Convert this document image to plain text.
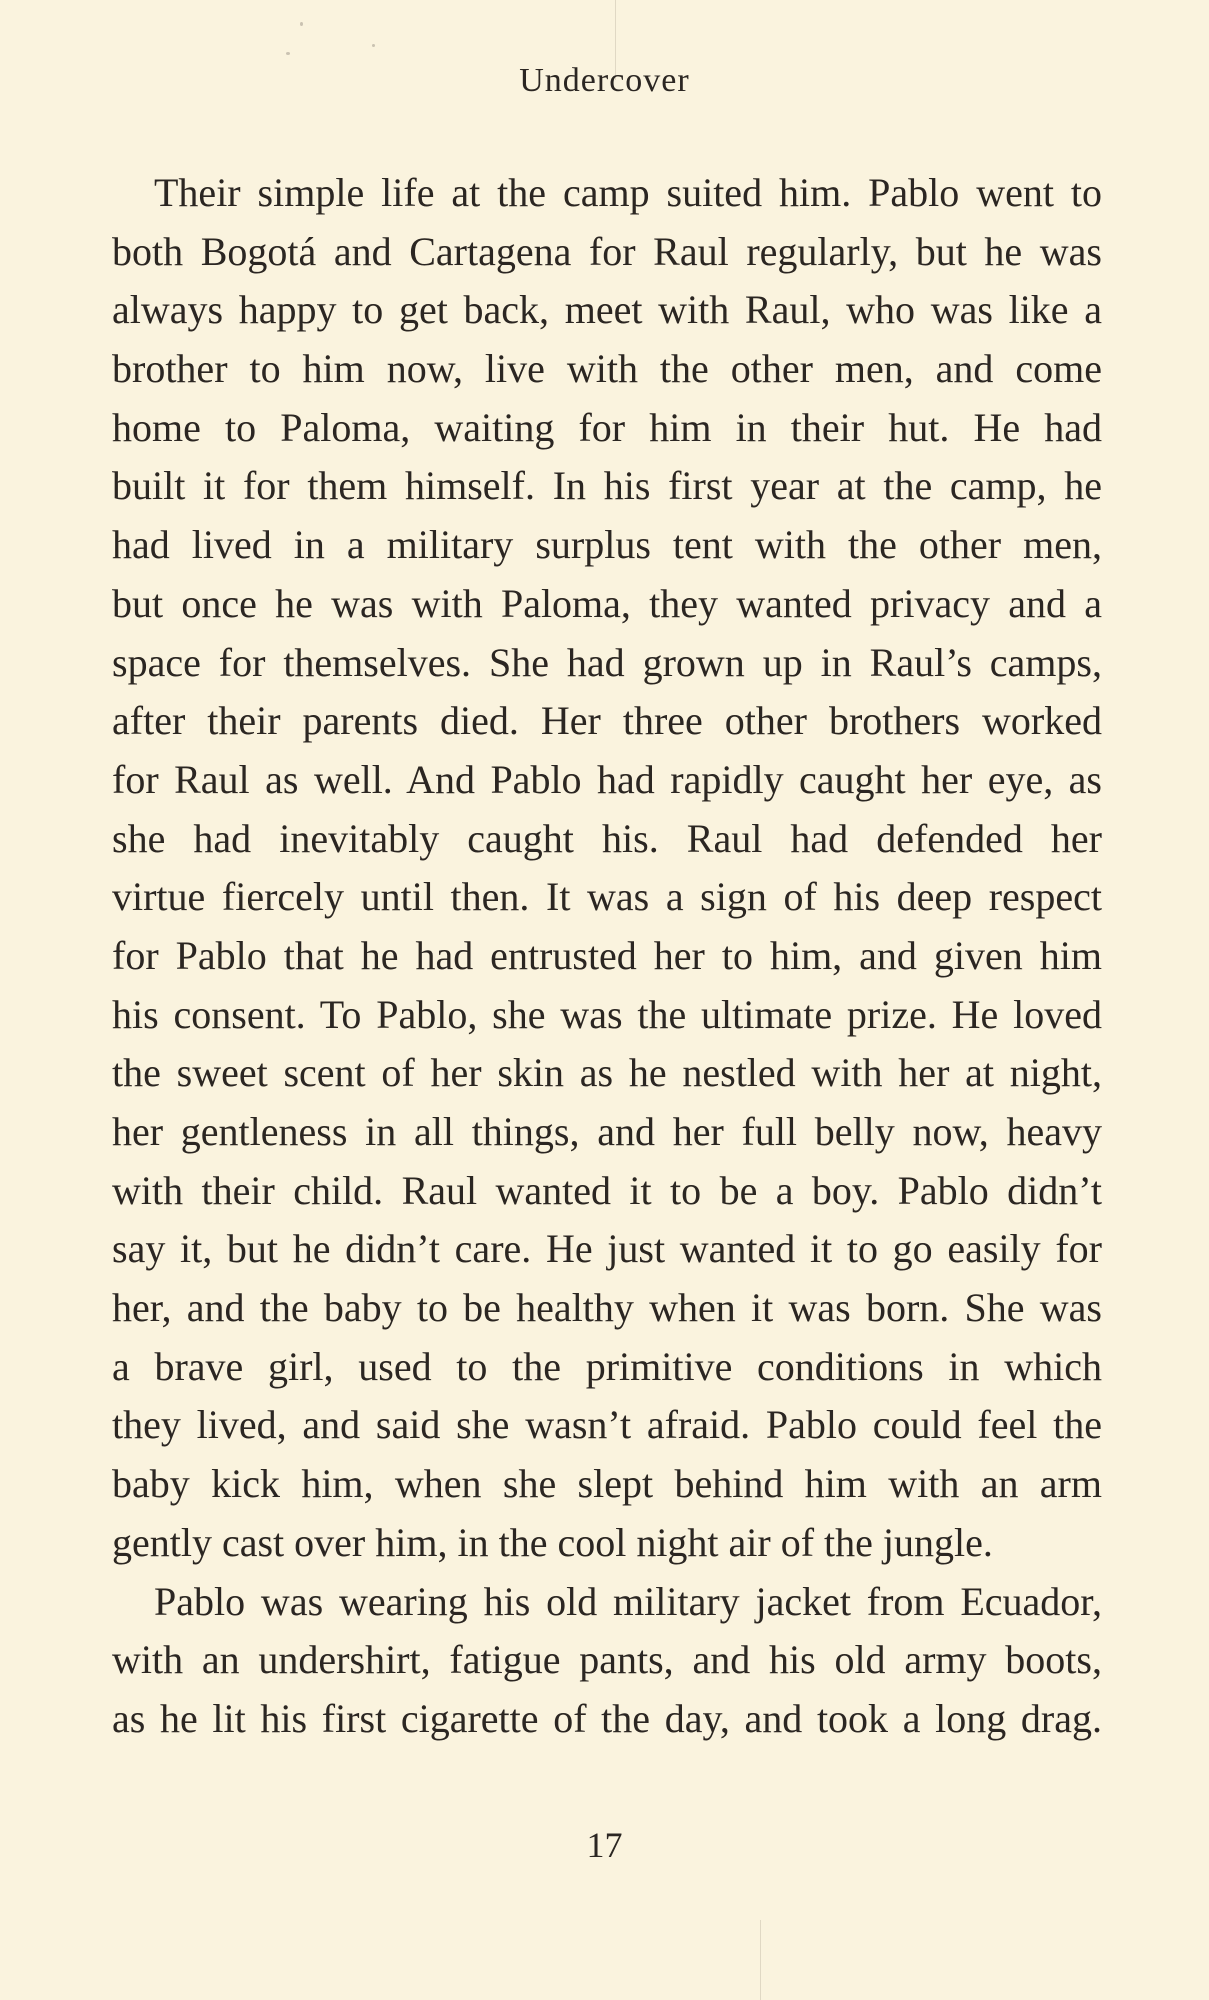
Undercover
Their simple life at the camp suited him. Pablo went to
both Bogotá and Cartagena for Raul regularly, but he was
always happy to get back, meet with Raul, who was like a
brother to him now, live with the other men, and come
home to Paloma, waiting for him in their hut. He had
built it for them himself. In his first year at the camp, he
had lived in a military surplus tent with the other men,
but once he was with Paloma, they wanted privacy and a
space for themselves. She had grown up in Raul’s camps,
after their parents died. Her three other brothers worked
for Raul as well. And Pablo had rapidly caught her eye, as
she had inevitably caught his. Raul had defended her
virtue fiercely until then. It was a sign of his deep respect
for Pablo that he had entrusted her to him, and given him
his consent. To Pablo, she was the ultimate prize. He loved
the sweet scent of her skin as he nestled with her at night,
her gentleness in all things, and her full belly now, heavy
with their child. Raul wanted it to be a boy. Pablo didn’t
say it, but he didn’t care. He just wanted it to go easily for
her, and the baby to be healthy when it was born. She was
a brave girl, used to the primitive conditions in which
they lived, and said she wasn’t afraid. Pablo could feel the
baby kick him, when she slept behind him with an arm
gently cast over him, in the cool night air of the jungle.
Pablo was wearing his old military jacket from Ecuador,
with an undershirt, fatigue pants, and his old army boots,
as he lit his first cigarette of the day, and took a long drag.
17
